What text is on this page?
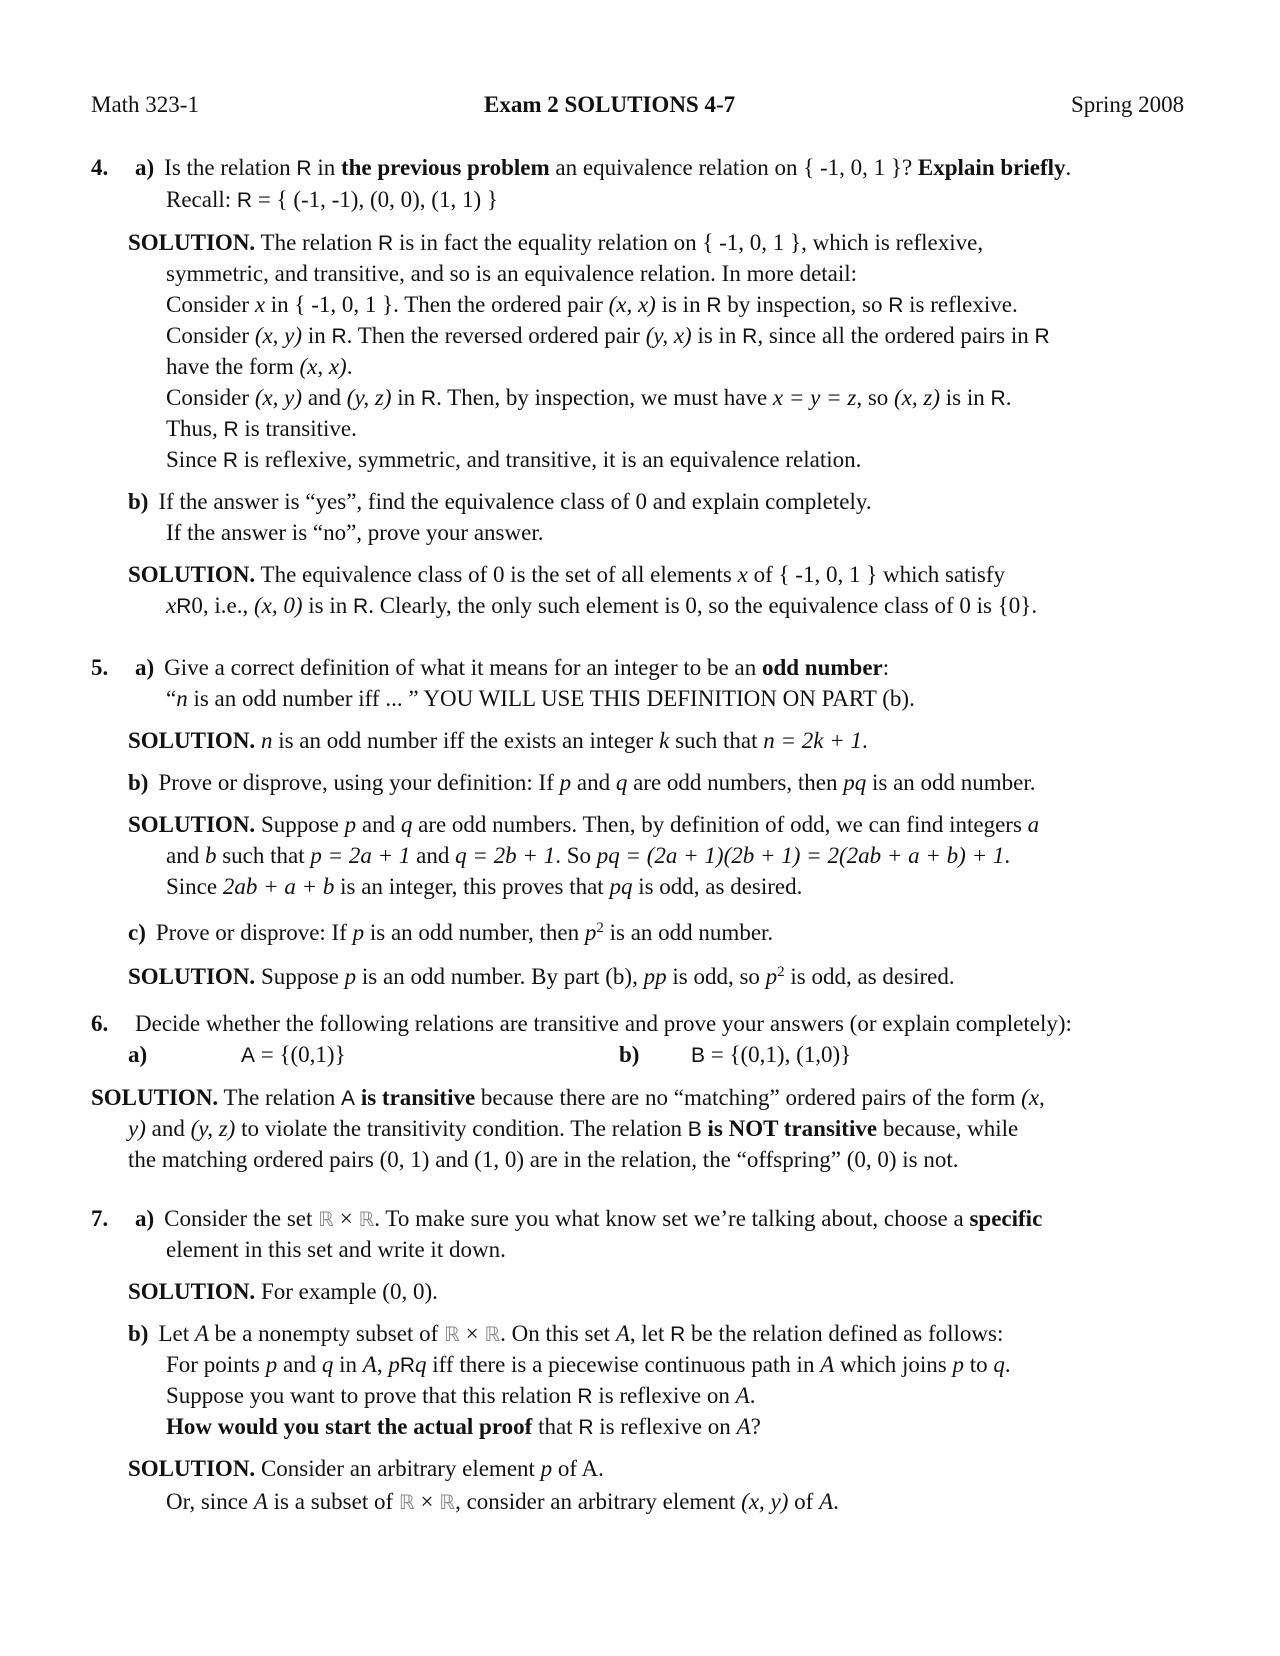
Math 323-1	Exam 2 SOLUTIONS 4-7	Spring 2008
4. a) Is the relation R in the previous problem an equivalence relation on { -1, 0, 1 }? Explain briefly.
Recall: R = { (-1, -1), (0, 0), (1, 1) }
SOLUTION. The relation R is in fact the equality relation on { -1, 0, 1 }, which is reflexive,
symmetric, and transitive, and so is an equivalence relation. In more detail:
Consider x in { -1, 0, 1 }. Then the ordered pair (x, x) is in R by inspection, so R is reflexive.
Consider (x, y) in R. Then the reversed ordered pair (y, x) is in R, since all the ordered pairs in R
have the form (x, x).
Consider (x, y) and (y, z) in R. Then, by inspection, we must have x = y = z, so (x, z) is in R.
Thus, R is transitive.
Since R is reflexive, symmetric, and transitive, it is an equivalence relation.
b) If the answer is “yes”, find the equivalence class of 0 and explain completely.
If the answer is “no”, prove your answer.
SOLUTION. The equivalence class of 0 is the set of all elements x of { -1, 0, 1 } which satisfy
xR0, i.e., (x, 0) is in R. Clearly, the only such element is 0, so the equivalence class of 0 is {0}.
5. a) Give a correct definition of what it means for an integer to be an odd number:
“n is an odd number iff ... ” YOU WILL USE THIS DEFINITION ON PART (b).
SOLUTION. n is an odd number iff the exists an integer k such that n = 2k + 1.
b) Prove or disprove, using your definition: If p and q are odd numbers, then pq is an odd number.
SOLUTION. Suppose p and q are odd numbers. Then, by definition of odd, we can find integers a
and b such that p = 2a + 1 and q = 2b + 1. So pq = (2a + 1)(2b + 1) = 2(2ab + a + b) + 1.
Since 2ab + a + b is an integer, this proves that pq is odd, as desired.
c) Prove or disprove: If p is an odd number, then $p^2$ is an odd number.
SOLUTION. Suppose p is an odd number. By part (b), pp is odd, so $p^2$ is odd, as desired.
6. Decide whether the following relations are transitive and prove your answers (or explain completely):
a)	A = {(0,1)}	b) B = {(0,1), (1,0)}
SOLUTION. The relation A is transitive because there are no “matching” ordered pairs of the form (x,
y) and (y, z) to violate the transitivity condition. The relation B is NOT transitive because, while
the matching ordered pairs (0, 1) and (1, 0) are in the relation, the “offspring” (0, 0) is not.
7. a) Consider the set ℝ × ℝ. To make sure you what know set we’re talking about, choose a specific
element in this set and write it down.
SOLUTION. For example (0, 0).
b) Let A be a nonempty subset of ℝ × ℝ. On this set A, let R be the relation defined as follows:
For points p and q in A, pRq iff there is a piecewise continuous path in A which joins p to q.
Suppose you want to prove that this relation R is reflexive on A.
How would you start the actual proof that R is reflexive on A?
SOLUTION. Consider an arbitrary element p of A.
Or, since A is a subset of ℝ × ℝ, consider an arbitrary element (x, y) of A.
